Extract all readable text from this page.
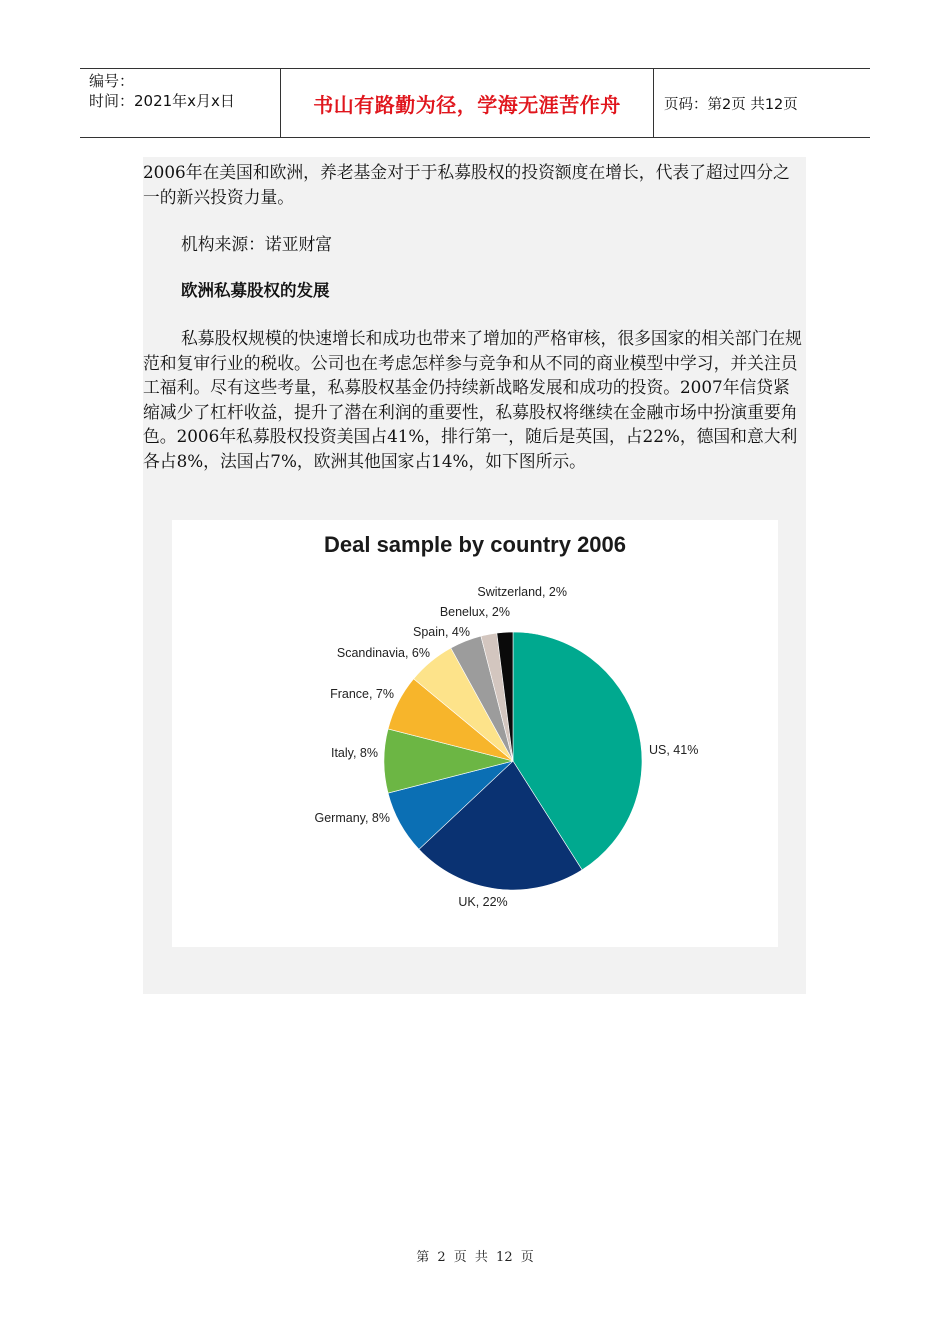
编号：
时间：2021年x月x日	书山有路勤为径，学海无涯苦作舟	页码：第2页 共12页

2006年在美国和欧洲，养老基金对于于私募股权的投资额度在增长，代表了超过四分之一的新兴投资力量。

机构来源：诺亚财富

欧洲私募股权的发展

私募股权规模的快速增长和成功也带来了增加的严格审核，很多国家的相关部门在规范和复审行业的税收。公司也在考虑怎样参与竞争和从不同的商业模型中学习，并关注员工福利。尽有这些考量，私募股权基金仍持续新战略发展和成功的投资。2007年信贷紧缩减少了杠杆收益，提升了潜在利润的重要性，私募股权将继续在金融市场中扮演重要角色。2006年私募股权投资美国占41%，排行第一，随后是英国，占22%，德国和意大利各占8%，法国占7%，欧洲其他国家占14%，如下图所示。

Deal sample by country 2006
US, 41%
UK, 22%
Germany, 8%
Italy, 8%
France, 7%
Scandinavia, 6%
Spain, 4%
Benelux, 2%
Switzerland, 2%
第 2 页 共 12 页
